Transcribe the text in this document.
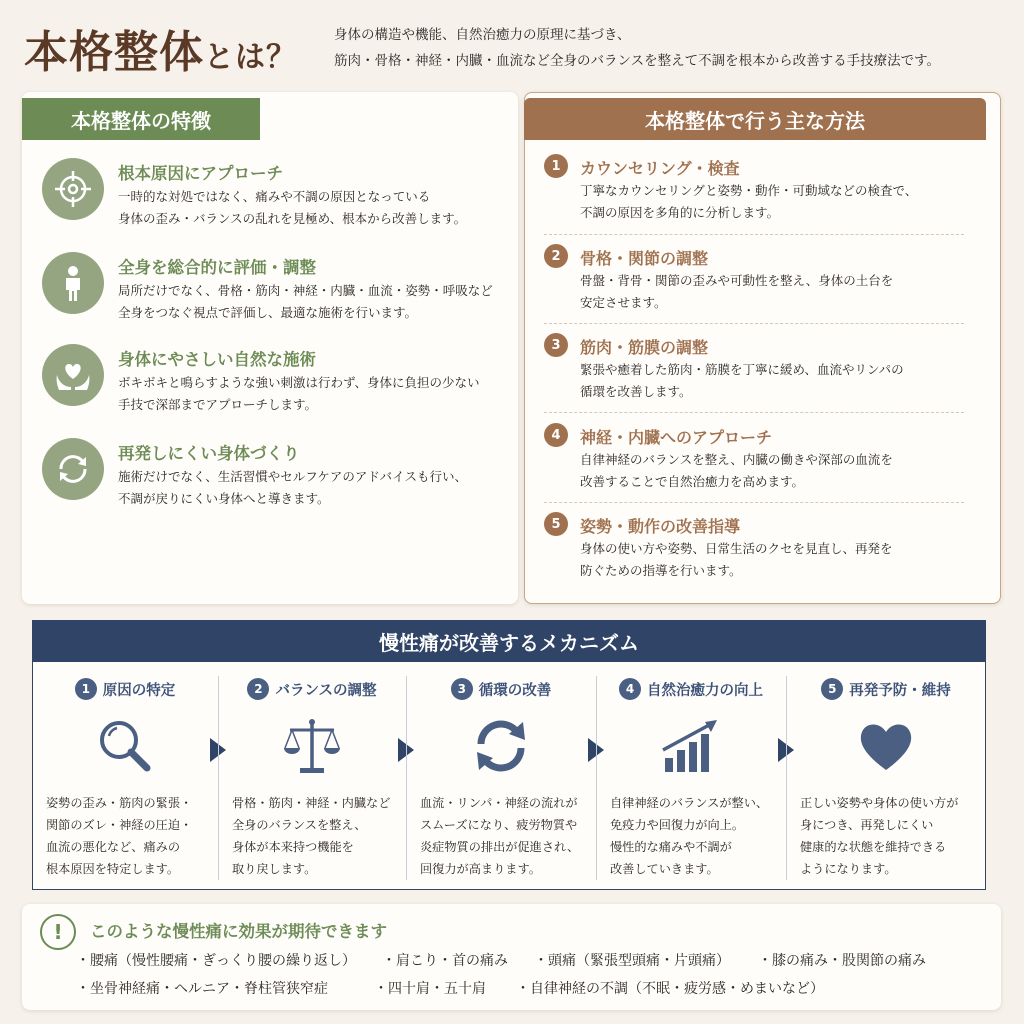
本格整体とは？
身体の構造や機能、自然治癒力の原理に基づき、
筋肉・骨格・神経・内臓・血流など全身のバランスを整えて不調を根本から改善する手技療法です。
本格整体の特徴
根本原因にアプローチ
一時的な対処ではなく、痛みや不調の原因となっている
身体の歪み・バランスの乱れを見極め、根本から改善します。
全身を総合的に評価・調整
局所だけでなく、骨格・筋肉・神経・内臓・血流・姿勢・呼吸など
全身をつなぐ視点で評価し、最適な施術を行います。
身体にやさしい自然な施術
ボキボキと鳴らすような強い刺激は行わず、身体に負担の少ない
手技で深部までアプローチします。
再発しにくい身体づくり
施術だけでなく、生活習慣やセルフケアのアドバイスも行い、
不調が戻りにくい身体へと導きます。
本格整体で行う主な方法
1	カウンセリング・検査
丁寧なカウンセリングと姿勢・動作・可動域などの検査で、
不調の原因を多角的に分析します。
2	骨格・関節の調整
骨盤・背骨・関節の歪みや可動性を整え、身体の土台を
安定させます。
3	筋肉・筋膜の調整
緊張や癒着した筋肉・筋膜を丁寧に緩め、血流やリンパの
循環を改善します。
4	神経・内臓へのアプローチ
自律神経のバランスを整え、内臓の働きや深部の血流を
改善することで自然治癒力を高めます。
5	姿勢・動作の改善指導
身体の使い方や姿勢、日常生活のクセを見直し、再発を
防ぐための指導を行います。
慢性痛が改善するメカニズム
1 原因の特定
姿勢の歪み・筋肉の緊張・
関節のズレ・神経の圧迫・
血流の悪化など、痛みの
根本原因を特定します。
2 バランスの調整
骨格・筋肉・神経・内臓など
全身のバランスを整え、
身体が本来持つ機能を
取り戻します。
3 循環の改善
血流・リンパ・神経の流れが
スムーズになり、疲労物質や
炎症物質の排出が促進され、
回復力が高まります。
4 自然治癒力の向上
自律神経のバランスが整い、
免疫力や回復力が向上。
慢性的な痛みや不調が
改善していきます。
5 再発予防・維持
正しい姿勢や身体の使い方が
身につき、再発しにくい
健康的な状態を維持できる
ようになります。
!	このような慢性痛に効果が期待できます
・腰痛（慢性腰痛・ぎっくり腰の繰り返し） ・肩こり・首の痛み ・頭痛（緊張型頭痛・片頭痛） ・膝の痛み・股関節の痛み
・坐骨神経痛・ヘルニア・脊柱管狭窄症	・四十肩・五十肩 ・自律神経の不調（不眠・疲労感・めまいなど）
